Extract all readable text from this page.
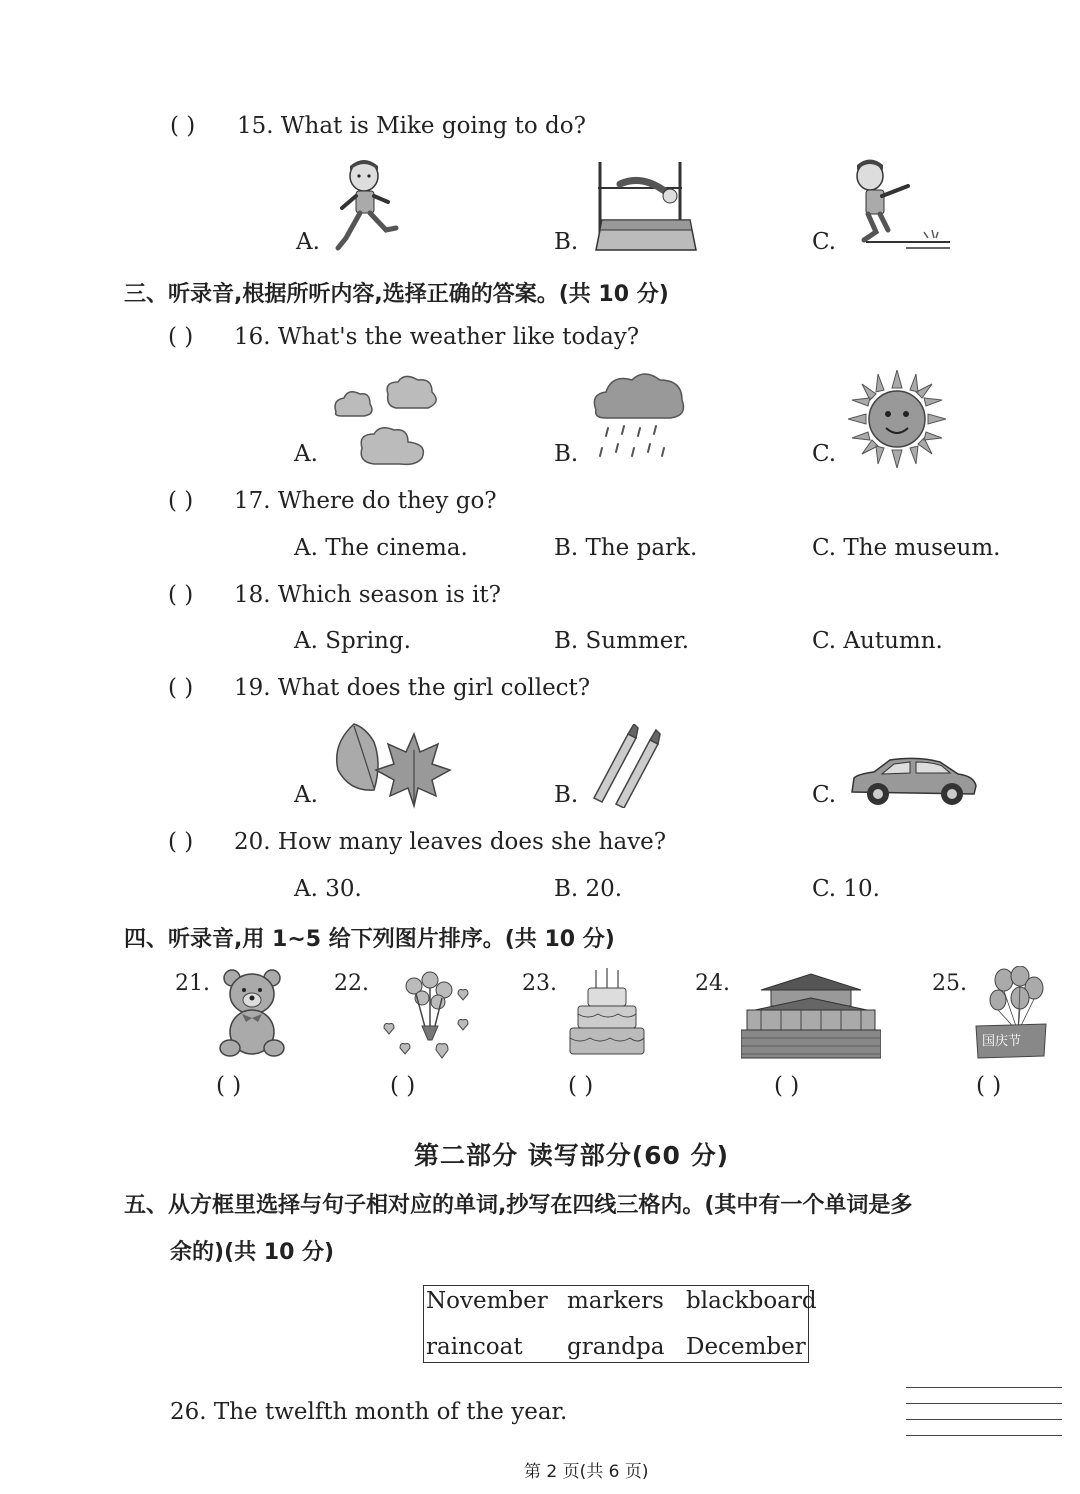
( ) 15. What is Mike going to do?
A.	B.	C.
三、听录音,根据所听内容,选择正确的答案。(共 10 分)
( ) 16. What's the weather like today?
A.	B.	C.
( ) 17. Where do they go?
A. The cinema.	B. The park.	C. The museum.
( ) 18. Which season is it?
A. Spring.	B. Summer.	C. Autumn.
( ) 19. What does the girl collect?
A.	B.	C.
( ) 20. How many leaves does she have?
A. 30.	B. 20.	C. 10.
四、听录音,用 1~5 给下列图片排序。(共 10 分)
21.	22.	23.	24.	25.
国庆节
( )	( )	( )	( )	( )
第二部分 读写部分(60 分)
五、从方框里选择与句子相对应的单词,抄写在四线三格内。(其中有一个单词是多
余的)(共 10 分)
November markers blackboard
raincoat grandpa December
26. The twelfth month of the year.
第 2 页(共 6 页)
